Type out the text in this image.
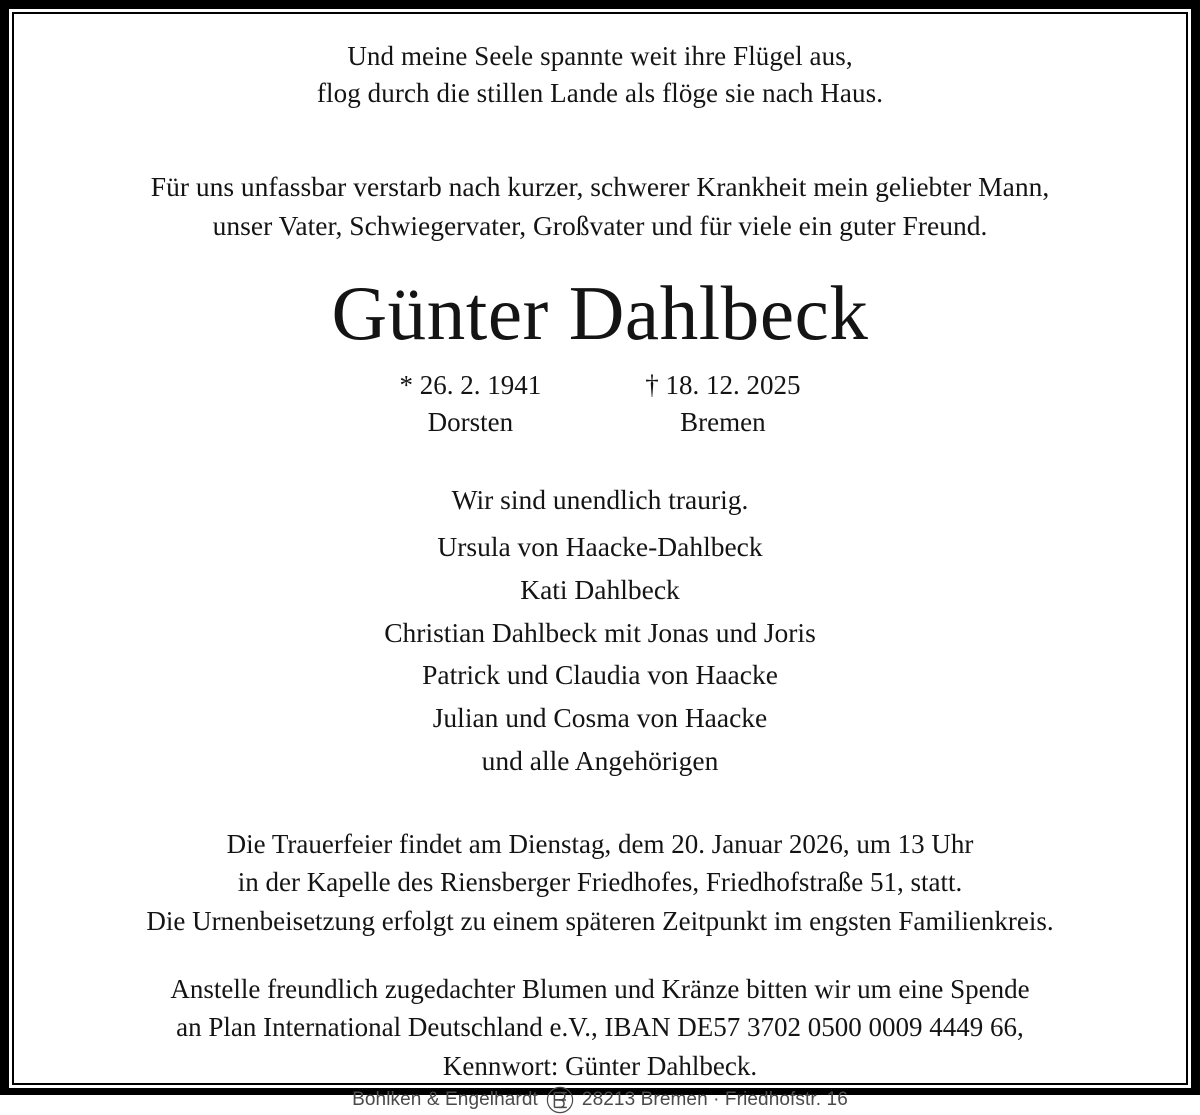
Und meine Seele spannte weit ihre Flügel aus,
flog durch die stillen Lande als flöge sie nach Haus.
Für uns unfassbar verstarb nach kurzer, schwerer Krankheit mein geliebter Mann,
unser Vater, Schwiegervater, Großvater und für viele ein guter Freund.
Günter Dahlbeck
* 26. 2. 1941
Dorsten
† 18. 12. 2025
Bremen
Wir sind unendlich traurig.
Ursula von Haacke-Dahlbeck
Kati Dahlbeck
Christian Dahlbeck mit Jonas und Joris
Patrick und Claudia von Haacke
Julian und Cosma von Haacke
und alle Angehörigen
Die Trauerfeier findet am Dienstag, dem 20. Januar 2026, um 13 Uhr
in der Kapelle des Riensberger Friedhofes, Friedhofstraße 51, statt.
Die Urnenbeisetzung erfolgt zu einem späteren Zeitpunkt im engsten Familienkreis.
Anstelle freundlich zugedachter Blumen und Kränze bitten wir um eine Spende
an Plan International Deutschland e.V., IBAN DE57 3702 0500 0009 4449 66,
Kennwort: Günter Dahlbeck.
Bohlken & Engelhardt 28213 Bremen · Friedhofstr. 16
